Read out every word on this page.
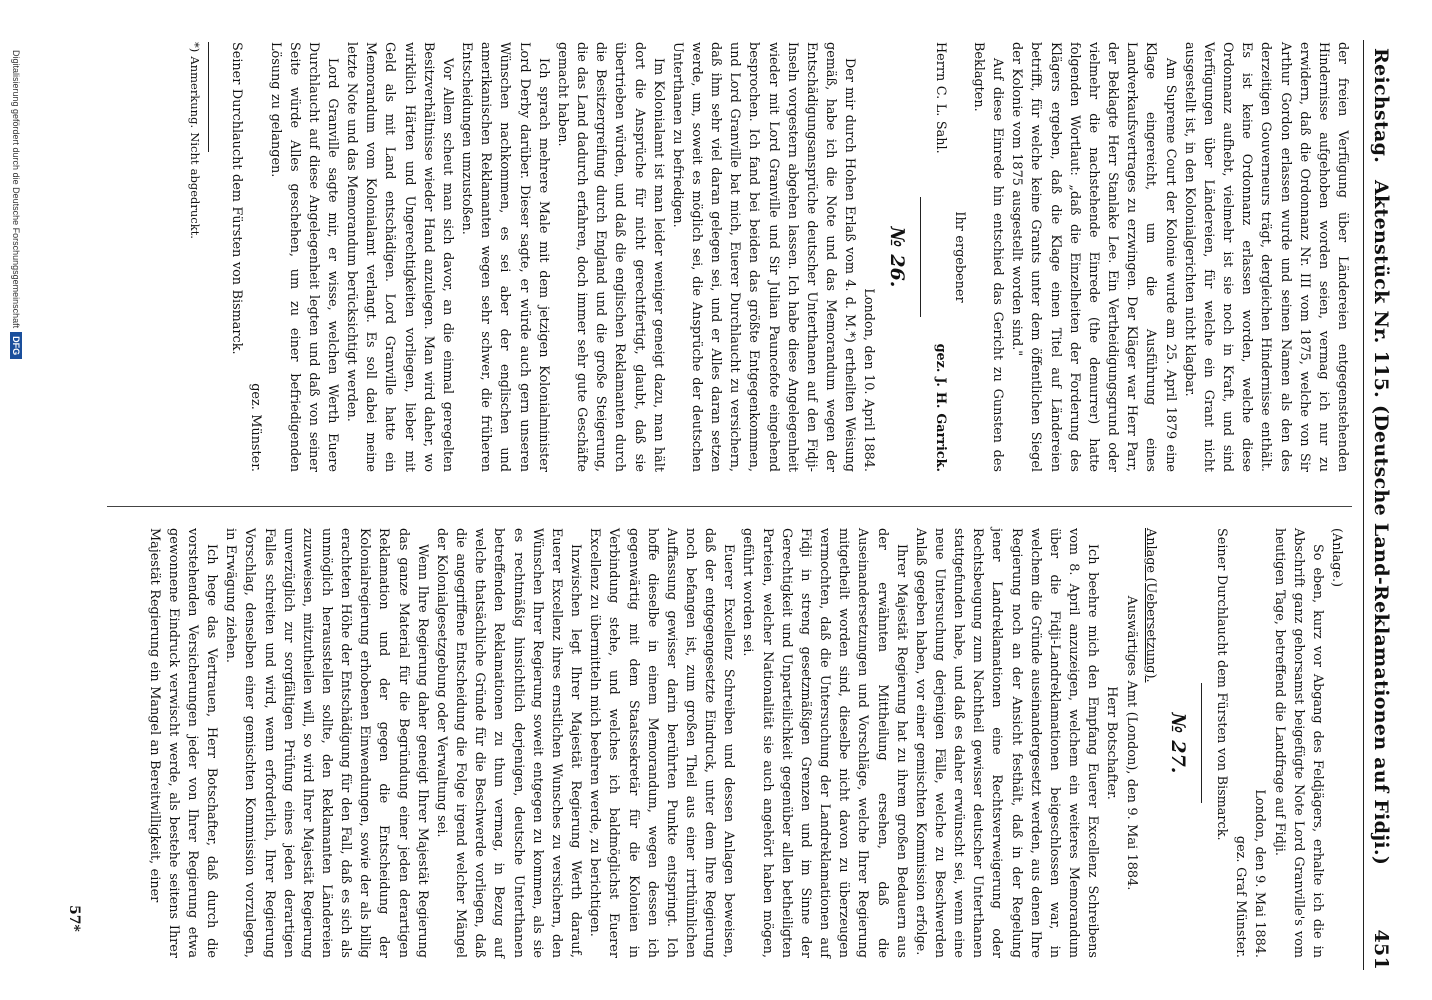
Reichstag.
Aktenstück Nr. 115. (Deutsche Land-Reklamationen auf Fidji.)
451

der freien Verfügung über Ländereien entgegenstehenden Hindernisse aufgehoben worden seien, vermag ich nur zu erwidern, daß die Ordonnanz Nr. III vom 1875, welche von Sir Arthur Gordon erlassen wurde und seinen Namen als den des derzeitigen Gouverneurs trägt, dergleichen Hindernisse enthält. Es ist keine Ordonnanz erlassen worden, welche diese Ordonnanz aufhebt, vielmehr ist sie noch in Kraft, und sind Verfügungen über Ländereien, für welche ein Grant nicht ausgestellt ist, in den Kolonialgerichten nicht klagbar.

Am Supreme Court der Kolonie wurde am 25. April 1879 eine Klage eingereicht, um die Ausführung eines Landverkaufsvertrages zu erzwingen. Der Kläger war Herr Parr, der Beklagte Herr Stanlake Lee. Ein Vertheidigungsgrund oder vielmehr die nachstehende Einrede (the demurrer) hatte folgenden Wortlaut: „daß die Einzelheiten der Forderung des Klägers ergeben, daß die Klage einen Titel auf Ländereien betrifft, für welche keine Grants unter dem öffentlichen Siegel der Kolonie vom 1875 ausgestellt worden sind."

Auf diese Einrede hin entschied das Gericht zu Gunsten des Beklagten.

Ihr ergebener

Herrn C. L. Sahl.
gez. J. H. Garrick.

№ 26.

London, den 10. April 1884.

Der mir durch Hohen Erlaß vom 4. d. M.*) ertheilten Weisung gemäß, habe ich die Note und das Memorandum wegen der Entschädigungsansprüche deutscher Unterthanen auf den Fidji-Inseln vorgestern abgehen lassen. Ich habe diese Angelegenheit wieder mit Lord Granville und Sir Julian Pauncefote eingehend besprochen. Ich fand bei beiden das größte Entgegenkommen, und Lord Granville bat mich, Euerer Durchlaucht zu versichern, daß ihm sehr viel daran gelegen sei, und er Alles daran setzen werde, um, soweit es möglich sei, die Ansprüche der deutschen Unterthanen zu befriedigen.

Im Kolonialamt ist man leider weniger geneigt dazu, man hält dort die Ansprüche für nicht gerechtfertigt, glaubt, daß sie übertrieben würden, und daß die englischen Reklamanten durch die Besitzergreifung durch England und die große Steigerung, die das Land dadurch erfahren, doch immer sehr gute Geschäfte gemacht haben.

Ich sprach mehrere Male mit dem jetzigen Kolonialminister Lord Derby darüber. Dieser sagte, er würde auch gern unseren Wünschen nachkommen, es sei aber der englischen und amerikanischen Reklamanten wegen sehr schwer, die früheren Entscheidungen umzustoßen.

Vor Allem scheut man sich davor, an die einmal geregelten Besitzverhältnisse wieder Hand anzulegen. Man wird daher, wo wirklich Härten und Ungerechtigkeiten vorliegen, lieber mit Geld als mit Land entschädigen. Lord Granville hatte ein Memorandum vom Kolonialamt verlangt. Es soll dabei meine letzte Note und das Memorandum berücksichtigt werden.

Lord Granville sagte mir, er wisse, welchen Werth Euere Durchlaucht auf diese Angelegenheit legten und daß von seiner Seite würde Alles geschehen, um zu einer befriedigenden Lösung zu gelangen.

gez. Münster.

Seiner Durchlaucht dem Fürsten von Bismarck.

*) Anmerkung. Nicht abgedruckt.

(Anlage.)

So eben, kurz vor Abgang des Feldjägers, erhalte ich die in Abschrift ganz gehorsamst beigefügte Note Lord Granville's vom heutigen Tage, betreffend die Landfrage auf Fidji.

London, den 9. Mai 1884.

gez. Graf Münster.

Seiner Durchlaucht dem Fürsten von Bismarck.

№ 27.

Anlage (Uebersetzung).

Auswärtiges Amt (London), den 9. Mai 1884.

Herr Botschafter.

Ich beehre mich den Empfang Euerer Excellenz Schreibens vom 8. April anzuzeigen, welchem ein weiteres Memorandum über die Fidji-Landreklamationen beigeschlossen war, in welchem die Gründe auseinandergesetzt werden, aus denen Ihre Regierung noch an der Ansicht festhält, daß in der Regelung jener Landreklamationen eine Rechtsverweigerung oder Rechtsbeugung zum Nachtheil gewisser deutscher Unterthanen stattgefunden habe, und daß es daher erwünscht sei, wenn eine neue Untersuchung derjenigen Fälle, welche zu Beschwerden Anlaß gegeben haben, vor einer gemischten Kommission erfolge.

Ihrer Majestät Regierung hat zu ihrem großen Bedauern aus der erwähnten Mittheilung ersehen, daß die Auseinandersetzungen und Vorschläge, welche Ihrer Regierung mitgetheilt worden sind, dieselbe nicht davon zu überzeugen vermochten, daß die Untersuchung der Landreklamationen auf Fidji in streng gesetzmäßigen Grenzen und im Sinne der Gerechtigkeit und Unparteilichkeit gegenüber allen betheiligten Parteien, welcher Nationalität sie auch angehört haben mögen, geführt worden sei.

Euerer Excellenz Schreiben und dessen Anlagen beweisen, daß der entgegengesetzte Eindruck, unter dem Ihre Regierung noch befangen ist, zum großen Theil aus einer irrthümlichen Auffassung gewisser darin berührten Punkte entspringt. Ich hoffe dieselbe in einem Memorandum, wegen dessen ich gegenwärtig mit dem Staatssekretär für die Kolonien in Verbindung stehe, und welches ich baldmöglichst Euerer Excellenz zu übermitteln mich beehren werde, zu berichtigen.

Inzwischen legt Ihrer Majestät Regierung Werth darauf, Euerer Excellenz ihres ernstlichen Wunsches zu versichern, den Wünschen Ihrer Regierung soweit entgegen zu kommen, als sie es rechtmäßig hinsichtlich derjenigen, deutsche Unterthanen betreffenden Reklamationen zu thun vermag, in Bezug auf welche thatsächliche Gründe für die Beschwerde vorliegen, daß die angegriffene Entscheidung die Folge irgend welcher Mängel der Kolonialgesetzgebung oder Verwaltung sei.

Wenn Ihre Regierung daher geneigt Ihrer Majestät Regierung das ganze Material für die Begründung einer jeden derartigen Reklamation und der gegen die Entscheidung der Kolonialregierung erhobenen Einwendungen, sowie der als billig erachteten Höhe der Entschädigung für den Fall, daß es sich als unmöglich herausstellen sollte, den Reklamanten Ländereien zuzuweisen, mitzutheilen will, so wird Ihrer Majestät Regierung unverzüglich zur sorgfältigen Prüfung eines jeden derartigen Falles schreiten und wird, wenn erforderlich, Ihrer Regierung Vorschlag, denselben einer gemischten Kommission vorzulegen, in Erwägung ziehen.

Ich hege das Vertrauen, Herr Botschafter, daß durch die vorstehenden Versicherungen jeder von Ihrer Regierung etwa gewonnene Eindruck verwischt werde, als bestehe seitens Ihrer Majestät Regierung ein Mangel an Bereitwilligkeit, einer

57*
Digitalisierung gefördert durch die Deutsche Forschungsgemeinschaft
DFG
